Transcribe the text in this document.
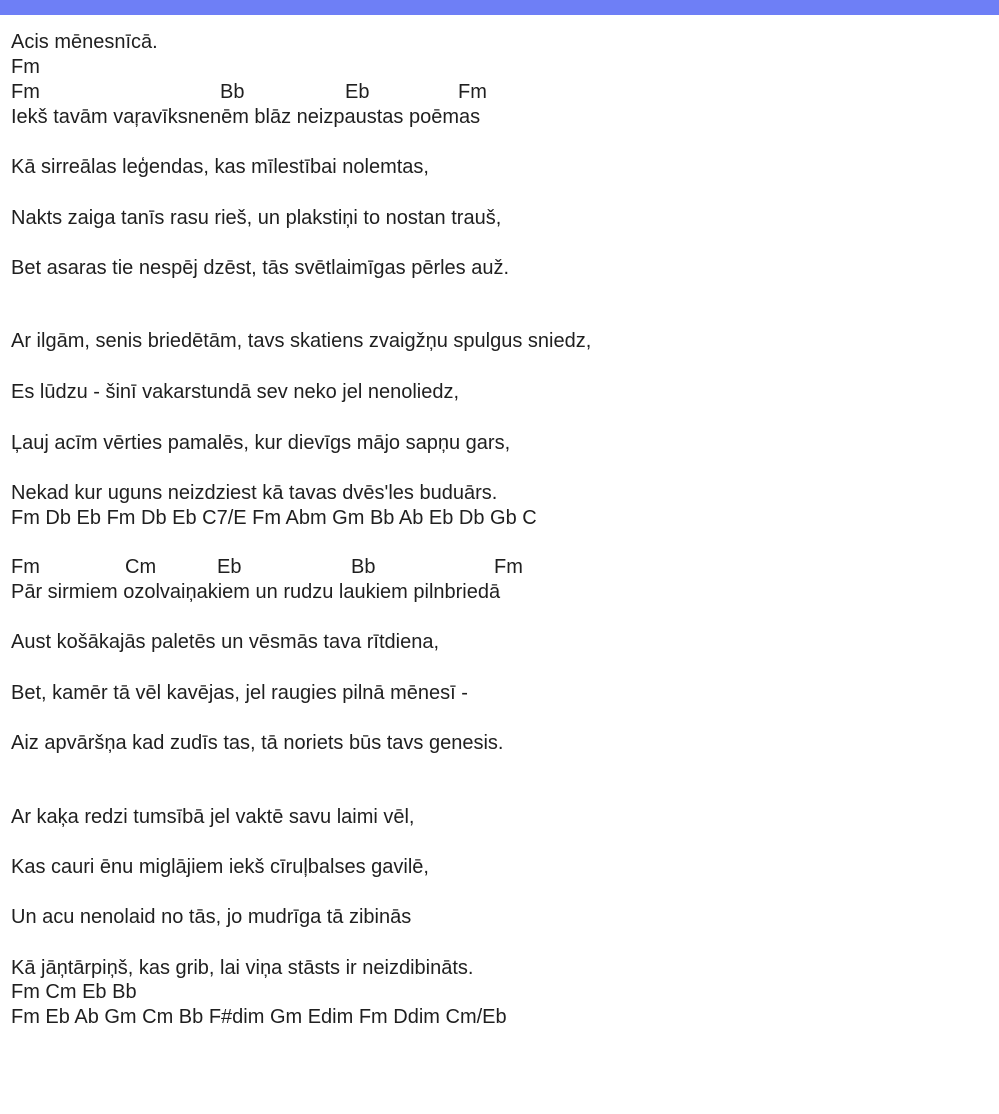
Acis mēnesnīcā.
Fm
Fm	Bb	Eb	Fm
Iekš tavām vaŗavīksnenēm blāz neizpaustas poēmas
Kā sirreālas leģendas, kas mīlestībai nolemtas,
Nakts zaiga tanīs rasu rieš, un plakstiņi to nostan trauš,
Bet asaras tie nespēj dzēst, tās svētlaimīgas pērles auž.
Ar ilgām, senis briedētām, tavs skatiens zvaigžņu spulgus sniedz,
Es lūdzu - šinī vakarstundā sev neko jel nenoliedz,
Ļauj acīm vērties pamalēs, kur dievīgs mājo sapņu gars,
Nekad kur uguns neizdziest kā tavas dvēs'les buduārs.
Fm Db Eb Fm Db Eb C7/E Fm Abm Gm Bb Ab Eb Db Gb C
Fm	Cm	Eb	Bb	Fm
Pār sirmiem ozolvaiņakiem un rudzu laukiem pilnbriedā
Aust košākajās paletēs un vēsmās tava rītdiena,
Bet, kamēr tā vēl kavējas, jel raugies pilnā mēnesī -
Aiz apvāršņa kad zudīs tas, tā noriets būs tavs genesis.
Ar kaķa redzi tumsībā jel vaktē savu laimi vēl,
Kas cauri ēnu miglājiem iekš cīruļbalses gavilē,
Un acu nenolaid no tās, jo mudrīga tā zibinās
Kā jāņtārpiņš, kas grib, lai viņa stāsts ir neizdibināts.
Fm Cm Eb Bb
Fm Eb Ab Gm Cm Bb F#dim Gm Edim Fm Ddim Cm/Eb
